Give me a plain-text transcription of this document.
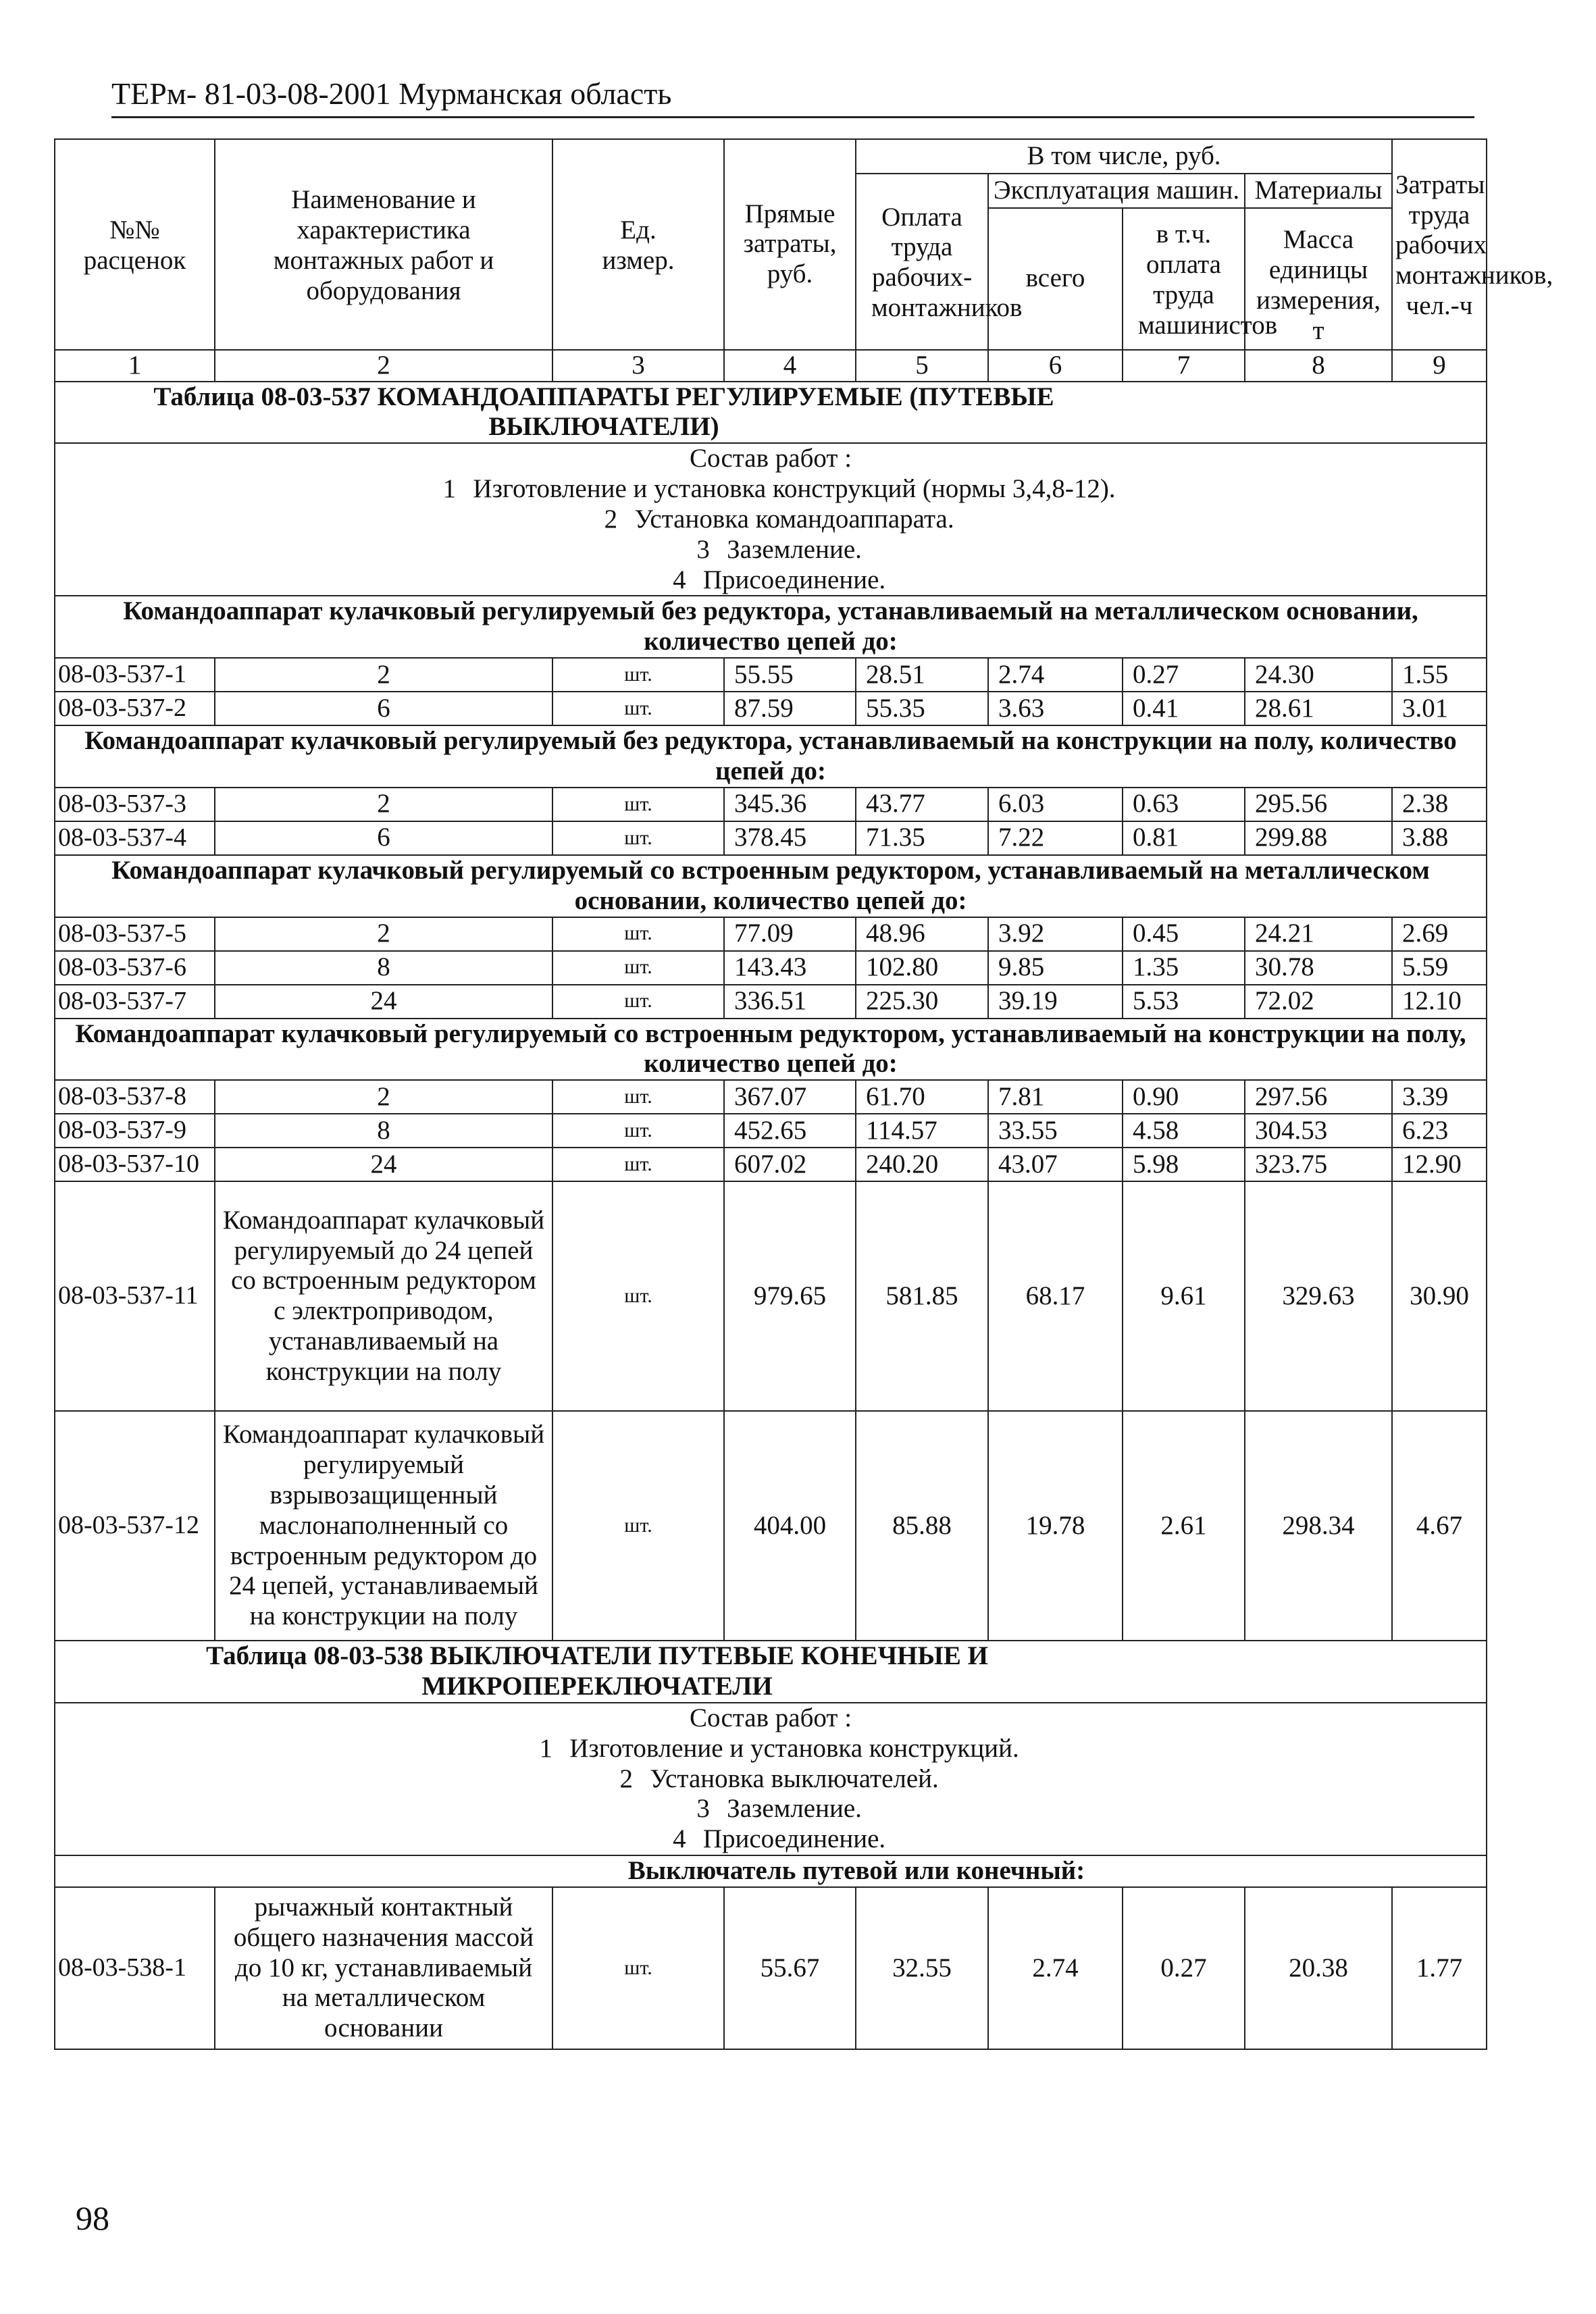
ТЕРм- 81-03-08-2001 Мурманская область
№№ расценок	Наименование и характеристика монтажных работ и оборудования	Ед. измер.	Прямые затраты, руб.	В том числе, руб.				Затраты труда рабочих монтажников, чел.-ч
				Оплата труда рабочих-монтажников	Эксплуатация машин.		Материалы	
					всего	в т.ч. оплата труда машинистов	Масса единицы измерения, т	
1	2	3	4	5	6	7	8	9
Таблица 08-03-537 КОМАНДОАППАРАТЫ РЕГУЛИРУЕМЫЕ (ПУТЕВЫЕ ВЫКЛЮЧАТЕЛИ)								

Состав работ :
1 Изготовление и установка конструкций (нормы 3,4,8-12).
2 Установка командоаппарата.
3 Заземление.
4 Присоединение.								

Командоаппарат кулачковый регулируемый без редуктора, устанавливаемый на металлическом основании, количество цепей до:								
08-03-537-1	2	шт.	55.55	28.51	2.74	0.27	24.30	1.55
08-03-537-2	6	шт.	87.59	55.35	3.63	0.41	28.61	3.01
Командоаппарат кулачковый регулируемый без редуктора, устанавливаемый на конструкции на полу, количество цепей до:								
08-03-537-3	2	шт.	345.36	43.77	6.03	0.63	295.56	2.38
08-03-537-4	6	шт.	378.45	71.35	7.22	0.81	299.88	3.88
Командоаппарат кулачковый регулируемый со встроенным редуктором, устанавливаемый на металлическом основании, количество цепей до:								
08-03-537-5	2	шт.	77.09	48.96	3.92	0.45	24.21	2.69
08-03-537-6	8	шт.	143.43	102.80	9.85	1.35	30.78	5.59
08-03-537-7	24	шт.	336.51	225.30	39.19	5.53	72.02	12.10
Командоаппарат кулачковый регулируемый со встроенным редуктором, устанавливаемый на конструкции на полу, количество цепей до:								
08-03-537-8	2	шт.	367.07	61.70	7.81	0.90	297.56	3.39
08-03-537-9	8	шт.	452.65	114.57	33.55	4.58	304.53	6.23
08-03-537-10	24	шт.	607.02	240.20	43.07	5.98	323.75	12.90
08-03-537-11	Командоаппарат кулачковый регулируемый до 24 цепей со встроенным редуктором с электроприводом, устанавливаемый на конструкции на полу	шт.	979.65	581.85	68.17	9.61	329.63	30.90
08-03-537-12	Командоаппарат кулачковый регулируемый взрывозащищенный маслонаполненный со встроенным редуктором до 24 цепей, устанавливаемый на конструкции на полу	шт.	404.00	85.88	19.78	2.61	298.34	4.67
Таблица 08-03-538 ВЫКЛЮЧАТЕЛИ ПУТЕВЫЕ КОНЕЧНЫЕ И МИКРОПЕРЕКЛЮЧАТЕЛИ								

Состав работ :
1 Изготовление и установка конструкций.
2 Установка выключателей.
3 Заземление.
4 Присоединение.								

Выключатель путевой или конечный:								
08-03-538-1	рычажный контактный общего назначения массой до 10 кг, устанавливаемый на металлическом основании	шт.	55.67	32.55	2.74	0.27	20.38	1.77
98
